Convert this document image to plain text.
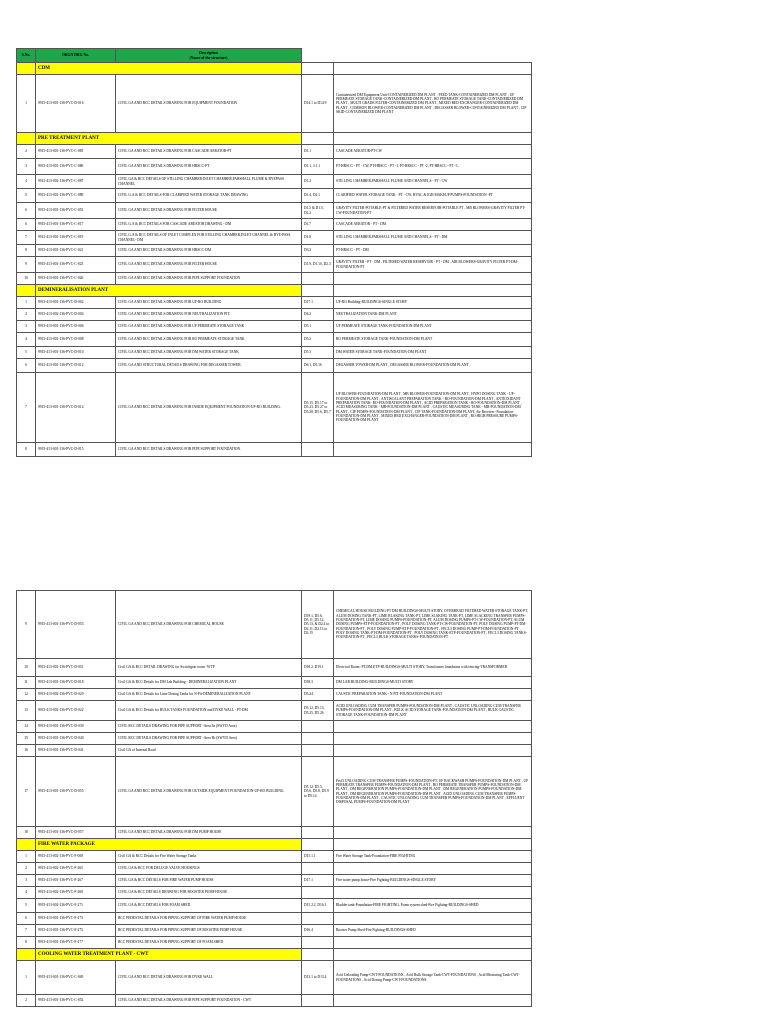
S.No.	ORGN DRG No.	Description
(Name of the structure)		

	CDM			
1	9915-413-001-136-PVC-D-016	CIVIL GA AND RCC DETAILS DRAWING FOR EQUIPMENT FOUNDATION	D14.1 to D14.9	Containerized DM Equipment Unit-CONTAINERIZED DM PLANT , FEED TANK-CONTAINERIZED DM PLANT , UF PERMEATE STORAGE TANK-CONTAINERIZED DM PLANT , RO PERMEATE STORAGE TANK-CONTAINERIZED DM PLANT , MULTI GRADE FILTER-CONTAINERIZED DM PLANT , MIXED BED EXCHANGER-CONTAINERIZED DM PLANT , COMMON BLOWER-CONTAINERIZED DM PLANT , DEGASSER BLOWER-CONTAINERIZED DM PLANT , CIP SKID-CONTAINERIZED DM PLANT
	PRE TREATMENT PLANT			
2	9915-413-001-136-PVC-C-085	CIVIL GA AND RCC DETAILS DRAWING FOR CASCADE AERATOR-PT	D1.1	CASCADE AERATOR-PT-CW
3	9915-413-001-136-PVC-C-086	CIVIL GA AND RCC DETAILS DRAWING FOR HRSCC-PT	D1.1, 3.1.1	PT-HRSCC - PT - CW, PT-HRSCC - PT -1, PT-HRSCC - PT -2, PT-HRSCC - PT -3 ,
4	9915-413-002-136-PVC-C-087	CIVIL GA & RCC DETAILS OF STILLING CHAMBER,INLET CHAMBER,PARSHALL FLUME & BYEPASS CHANNEL	D1.2	STILLING CHAMBER,PARSHALL FLUME AND CHANNELS - PT - CW
5	9915-413-001-136-PVC-C-089	CIVIL G.A & RCC DETAILS FOR CLARIFIED WATER STORAGE TANK DRAWING	D1.4, D2.1	CLARIFIED WATER STORAGE TANK - PT - CW, HVAC & IGH MAKEUP PUMPS-FOUNDATION -PT
6	9915-413-001-136-PVC-C-053	CIVIL GA AND RCC DETAILS DRAWING FOR FILTER HOUSE	D1.5 & D1.5, D2.2	GRAVITY FILTER-POTABLE-PT & FILTERED WATER RESERVOIR-POTABLE PT , MB BLOWERS-GRAVITY FILTER PT-CW-FOUNDATION-PT
6	9915-413-001-136-PVC-C-017	CIVIL G.A & RCC DETAILS FOR CASCADE AREATOR DRAWING - DM	D1.7	CASCADE AERATOR - PT - DM
7	9915-413-001-136-PVC-C-019	CIVIL G.A & RCC DETAILS OF INLET COMPLEX FOR STILLING CHAMBER,INLET CHANNEL & BYE-PASS CHANNEL- DM	D1.8	STILLING CHAMBER,PARSHALL FLUME AND CHANNELS - PT - DM
8	9915-413-001-136-PVC-C-021	CIVIL GA AND RCC DETAILS DRAWING FOR HRSCC-DM	D3.2	PT-HRSCC - PT - DM
9	9915-413-001-136-PVC-C-023	CIVIL GA AND RCC DETAILS DRAWING FOR FILTER HOUSE	D1.9, D1.10, D2.3	GRAVITY FILTER - PT - DM , FILTERED WATER RESERVOIR - PT - DM , AIR BLOWERS-GRAVITY FILTER PT-DM-FOUNDATION-PT
10	9915-413-001-136-PVC-C-026	CIVIL GA AND RCC DETAILS DRAWING FOR PIPE SUPPORT FOUNDATION		
	DEMINERALISATION PLANT			
1	9915-413-001-136-PVC-D-002	CIVIL GA AND RCC DETAILS DRAWING FOR UF-RO BUILDING	D17.1	UF-RO Building-BUILDINGS-SINGLE STORY
2	9915-413-002-136-PVC-D-004	CIVIL GA AND RCC DETAILS DRAWING FOR NEUTRALIZATION PIT.	D4.2	NEUTRALIZATION TANK-DM PLANT
3	9915-413-001-136-PVC-D-006	CIVIL GA AND RCC DETAILS DRAWING FOR UF PERMEATE STORAGE TANK	D5.1	UF PERMEATE STORAGE TANK-FOUNDATION-DM PLANT
4	9915-413-001-136-PVC-D-008	CIVIL GA AND RCC DETAILS DRAWING FOR RO PERMEATE STORAGE TANK	D5.2	RO PERMEATE STORAGE TANK-FOUNDATION-DM PLANT
5	9915-413-001-136-PVC-D-010	CIVIL GA AND RCC DETAILS DRAWING FOR DM WATER STORAGE TANK	D5.3	DM WATER STORAGE TANK-FOUNDATION-DM PLANT
6	9915-413-001-136-PVC-D-012	CIVIL GA AND STRUCTURAL DETAILS DRAWING FOR DEGASSER TOWER.	D6.1, D5.16	DEGASSER TOWER-DM PLANT , DEGASSER BLOWER-FOUNDATION-DM PLANT ,
7	9915-413-001-136-PVC-D-014	CIVIL GA AND RCC DETAILS DRAWING FOR INSIDE EQUIPMENT FOUNDATION-UF-RO BUILDING.	D5.15, D5.17 to D5.23, D5.27 to D5.28, D5.6, D5.7	UF BLOWER-FOUNDATION-DM PLANT , MB BLOWER-FOUNDATION-DM PLANT , HYPO DOSING TANK - UF-FOUNDATION-DM PLANT , ANTISCALANT PREPARATION TANK - RO-FOUNDATION-DM PLANT , ANTIOXIDANT PREPARATION TANK- RO-FOUNDATION-DM PLANT , ACID PREPARATION TANK - RO-FOUNDATION-DM PLANT , ACID MEASURING TANK - MB-FOUNDATION-DM PLANT , CAUSTIC MEASURING TANK - MB-FOUNDATION-DM PLANT , CIP PUMPS-FOUNDATION-DM PLANT , CIP TANK-FOUNDATION-DM PLANT, Air Receiver -Foundation-FOUNDATION-DM PLANT , MIXED BED EXCHANGER-FOUNDATION-DM PLANT , RO HIGH PRESSURE PUMPS-FOUNDATION-DM PLANT
8	9915-413-001-136-PVC-D-015	CIVIL GA AND RCC DETAILS DRAWING FOR PIPE SUPPORT FOUNDATION.		
9	9915-413-001-136-PVC-D-053	CIVIL GA AND RCC DETAILS DRAWING FOR CHEMICAL HOUSE	D19.1, D5.6, D5.11, D5.12, D5.13, & D2.4 to D2.11, D2.13 to D2.15	CHEMICAL HOUSE BUILDING-PT DM BUILDINGS-MULTI STORY, OVERHEAD FILTERED WATER STORAGE TANK-PT, ALUM DOSING TANK-PT, LIME BLAKING TANK-PT, LIME SLAKING TANK-PT, LIME SLACKING TRANSFER PUMPS-FOUNDATION-PT, LIME DOSING PUMPS-FOUNDATION-PT, ALUM DOSING PUMPS-PT-CW-FOUNDATION-PT, ALUM DOSING PUMPS-ETP-FOUNDATION-PT , POLY DOSING TANK-PT-CW-FOUNDATION-PT, POLY DOSING PUMP-PT-DM-FOUNDATION-PT , POLY DOSING PUMP-ETP-FOUNDATION-PT , FECL3 DOSING PUMP-PT-DM-FOUNDATION-PT , POLY DOSING TANK-PT-DM-FOUNDATION-PT , POLY DOSING TANK-ETP-FOUNDATION-PT , FECL3 DOSING TANKS-FOUNDATION-PT , FECL3 BULK STORAGE TANKS-FOUNDATION-PT
10	9915-413-001-136-PVC-D-051	Civil GA & RCC DETAIL DRAWING for Switchgear room -WTP	D18.2, D19.1	Electrical Room- PT,DM,ETP-BUILDINGS-MULTI STORY, Transformer foundation with fencing-TRANSFORMER
11	9915-413-001-136-PVC-D-018	Civil GA & RCC Details for DM Lab Building - DEMINERALIZATION PLANT	D18.3	DM LAB BUILDING-BUILDINGS-MULTI STORY
12	9915-413-002-136-PVC-D-020	Civil GA & RCC Details for Lime Dosing Tanks for N-Pit-DEMINERALIZATION PLANT	D5.24	CAUSTIC PREPARATION TANK - N PIT-FOUNDATION-DM PLANT
13	9915-413-002-136-PVC-D-022	Civil GA & RCC Details for BULK TANKS FOUNDATION and DYKE WALL - PT-DM	D5.12, D5.13, D5.25, D5.26	ACID UNLOADING CUM TRANSFER PUMPS-FOUNDATION-DM PLANT , CAUSTIC UNLOADING CUM TRANSFER PUMPS-FOUNDATION-DM PLANT , BULK ACID STORAGE TANK-FOUNDATION-DM PLANT , BULK CAUSTIC STORAGE TANK-FOUNDATION-DM PLANT
14	9915-413-001-136-PVC-D-039	CIVIL RCC DETAILS DRAWING FOR PIPE SUPPORT -Area 8a (SWYD Area)		
15	9915-413-001-136-PVC-D-040	CIVIL RCC DETAILS DRAWING FOR PIPE SUPPORT -Area 8b (SWYD Area)		
16	9915-413-001-136-PVC-D-041	Civil GA of Internal Road		
17	9915-413-001-136-PVC-D-055	CIVIL GA AND RCC DETAILS DRAWING FOR OUTSIDE EQUIPMENT FOUNDATION-UF-RO BUILDING.	D5.12, D5.5, D5.6, D5.8, D5.9 to D5.14	Fecl3 UNLOADING CUM TRANSFER PUMPS-FOUNDATION-PT, UF BACKWASH PUMPS-FOUNDATION-DM PLANT , UF PERMEATE TRANSFER PUMPS-FOUNDATION-DM PLANT , RO PERMEATE TRANSFER PUMPS-FOUNDATION-DM PLANT , DM REGENERATION PUMPS-FOUNDATION-DM PLANT , DM REGENERATION PUMPS-FOUNDATION-DM PLANT , DM REGENERATION PUMPS-FOUNDATION-DM PLANT , ACID UNLOADING CUM TRANSFER PUMPS-FOUNDATION-DM PLANT , CAUSTIC UNLOADING CUM TRANSFER PUMPS-FOUNDATION-DM PLANT , EFFLUENT DISPOSAL PUMPS-FOUNDATION-DM PLANT
18	9915-413-001-136-PVC-D-057	CIVIL GA AND RCC DETAILS DRAWING FOR DM PUMP HOUSE		
	FIRE WATER PACKAGE			
1	9915-413-002-136-PVC-F-008	Civil GA & RCC Details for Fire Water Storage Tanks	D15.1.1	Fire Water Storage Tank-Foundation-FIRE FIGHTING
2	9915-413-002-136-PVC-F-265	CIVIL GA & RCC FOR DELUGE VALVE HOUSINGS		
3	9915-413-001-136-PVC-F-267	CIVIL GA & RCC DETAILS FOR FIRE WATER PUMP HOUSE	D17.1	Fire water pump house-Fire Fighting-BUILDINGS-SINGLE STORY
4	9915-413-002-136-PVC-F-269	CIVIL GA & RCC DETAILS DRAWING FOR BOOSTER PUMP HOUSE		
5	9915-413-002-136-PVC-F-271	CIVIL GA & RCC DETAILS FOR FOAM SHED	D15.2.2, D16.3	Bladder tank-Foundation-FIRE FIGHTING, Foam system shed-Fire Fighting-BUILDINGS-SHED
6	9915-413-001-136-PVC-F-273	RCC PEDESTAL DETAILS FOR PIPING SUPPORT OF FIRE WATER PUMP HOUSE		
7	9915-413-001-136-PVC-F-275	RCC PEDESTAL DETAILS FOR PIPING SUPPORT OF BOOSTER PUMP HOUSE	D16.4	Booster Pump Shed-Fire Fighting-BUILDINGS-SHED
8	9915-413-001-136-PVC-F-277	RCC PEDESTAL DETAILS FOR PIPING SUPPORT OF FOAM SHED		
	COOLING WATER TREATMENT PLANT - CWT			
1	9915-413-001-136-PVC-C-049	CIVIL GA AND RCC DETAILS DRAWING FOR DYKE WALL	D13.1 to D13.4	Acid Unloading Pump-CWT-FOUNDATIONS , Acid Bulk Storage Tank-CWT-FOUNDATIONS , Acid Measuring Tank-CWT-FOUNDATIONS , Acid Dosing Pump-CWT-FOUNDATIONS
2	9915-413-001-136-PVC-C-052	CIVIL GA AND RCC DETAILS DRAWING FOR PIPE SUPPORT FOUNDATION - CWT		
